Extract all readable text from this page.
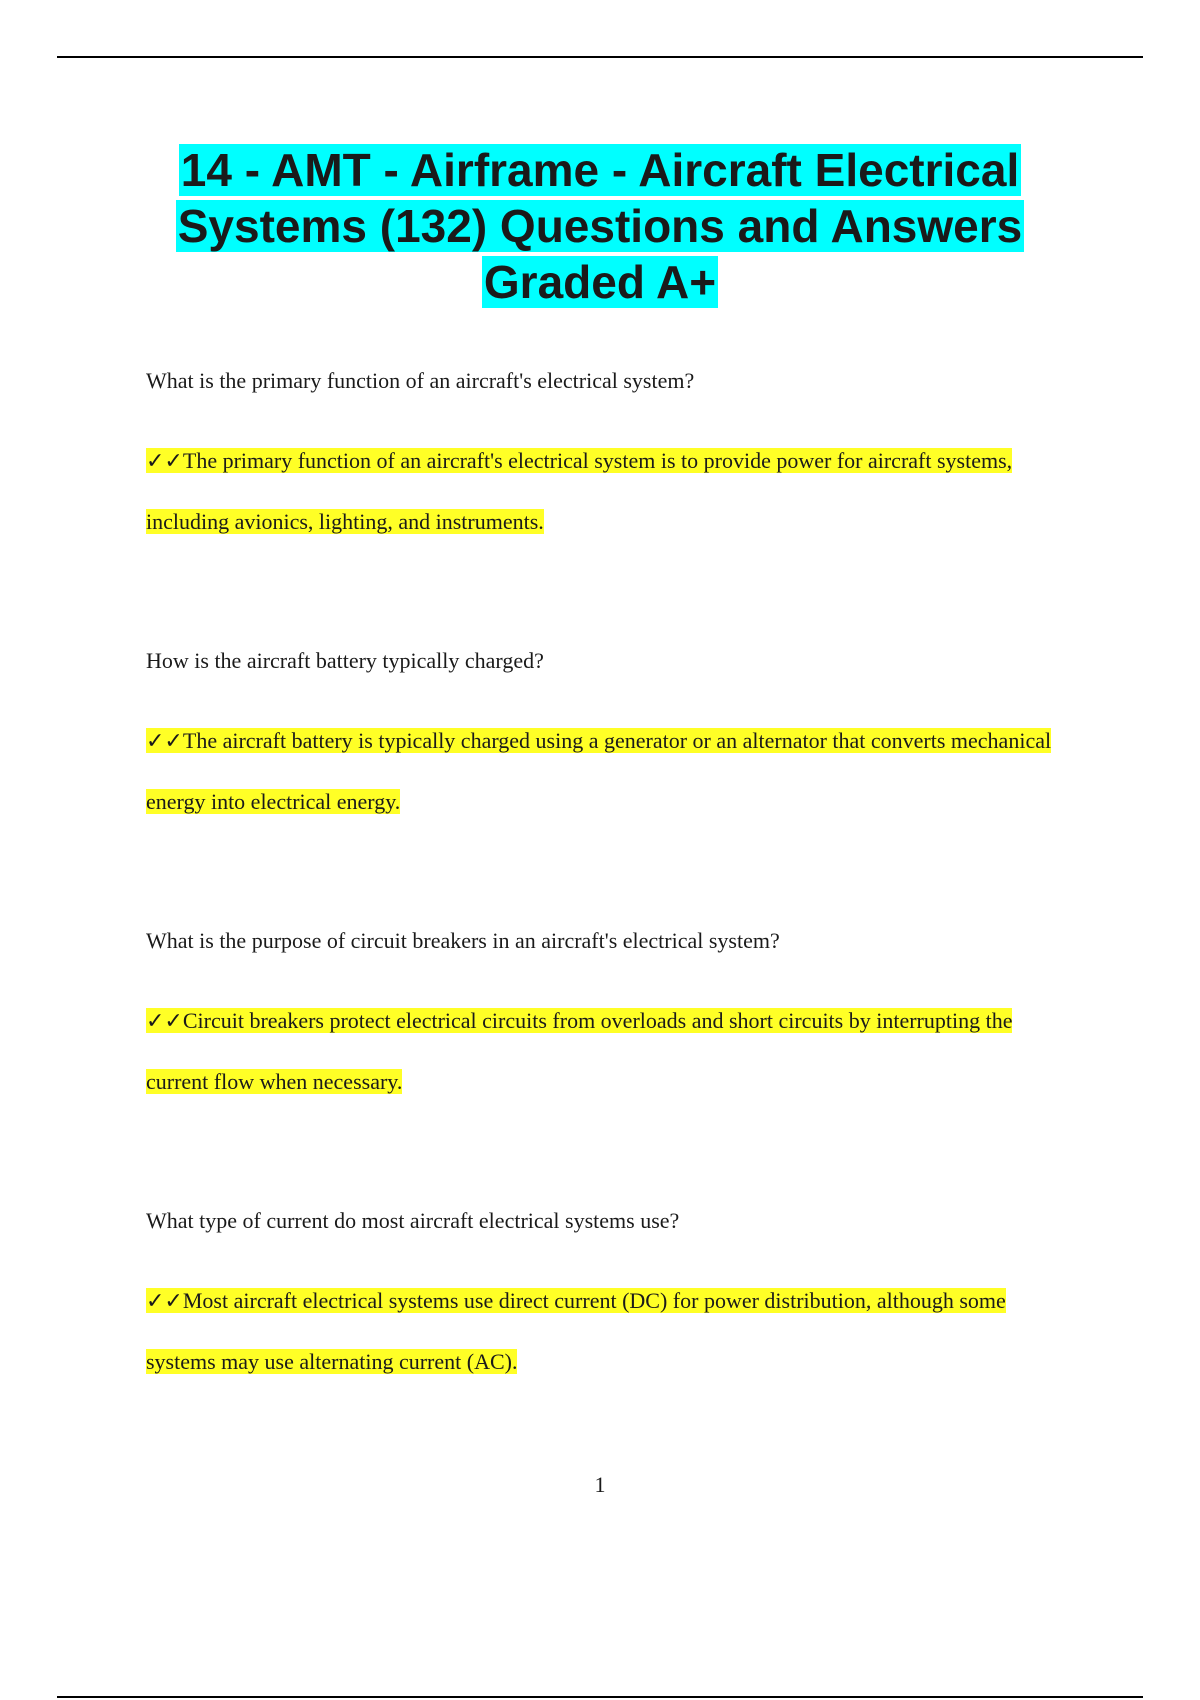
14 - AMT - Airframe - Aircraft Electrical Systems (132) Questions and Answers Graded A+

What is the primary function of an aircraft's electrical system?

✓✓The primary function of an aircraft's electrical system is to provide power for aircraft systems, including avionics, lighting, and instruments.

How is the aircraft battery typically charged?

✓✓The aircraft battery is typically charged using a generator or an alternator that converts mechanical energy into electrical energy.

What is the purpose of circuit breakers in an aircraft's electrical system?

✓✓Circuit breakers protect electrical circuits from overloads and short circuits by interrupting the current flow when necessary.

What type of current do most aircraft electrical systems use?

✓✓Most aircraft electrical systems use direct current (DC) for power distribution, although some systems may use alternating current (AC).

1
